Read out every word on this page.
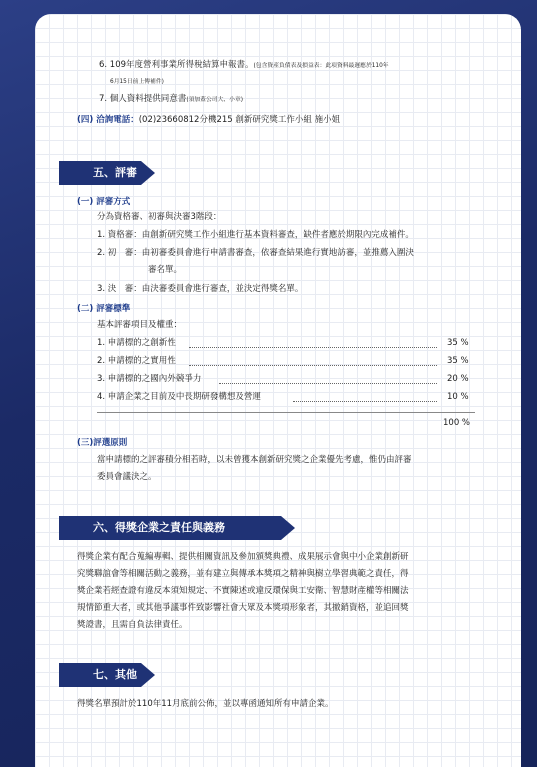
6. 109年度營利事業所得稅結算申報書。(包含資產負債表及損益表：此項資料最遲應於110年
6月15日前上傳補件)
7. 個人資料提供同意書(須加蓋公司大、小章)
(四) 洽詢電話：(02)23660812分機215 創新研究獎工作小組 施小姐
五、評審
(一) 評審方式
分為資格審、初審與決審3階段：
1. 資格審：由創新研究獎工作小組進行基本資料審查，缺件者應於期限內完成補件。
2. 初　審：由初審委員會進行申請書審查，依審查結果進行實地訪審，並推薦入圍決
審名單。
3. 決　審：由決審委員會進行審查，並決定得獎名單。
(二) 評審標準
基本評審項目及權重：
1. 申請標的之創新性	35 %
2. 申請標的之實用性	35 %
3. 申請標的之國內外競爭力	20 %
4. 申請企業之目前及中長期研發構想及營運	10 %
100 %
(三)評選原則
當申請標的之評審積分相若時，以未曾獲本創新研究獎之企業優先考慮，惟仍由評審
委員會議決之。
六、得獎企業之責任與義務
得獎企業有配合蒐編專輯、提供相關資訊及參加頒獎典禮、成果展示會與中小企業創新研
究獎聯誼會等相關活動之義務，並有建立與傳承本獎項之精神與樹立學習典範之責任，得
獎企業若經查證有違反本須知規定、不實陳述或違反環保與工安衛、智慧財產權等相關法
規情節重大者，或其他爭議事件致影響社會大眾及本獎項形象者，其撤銷資格，並追回獎
獎證書，且需自負法律責任。
七、其他
得獎名單預計於110年11月底前公佈，並以專函通知所有申請企業。
